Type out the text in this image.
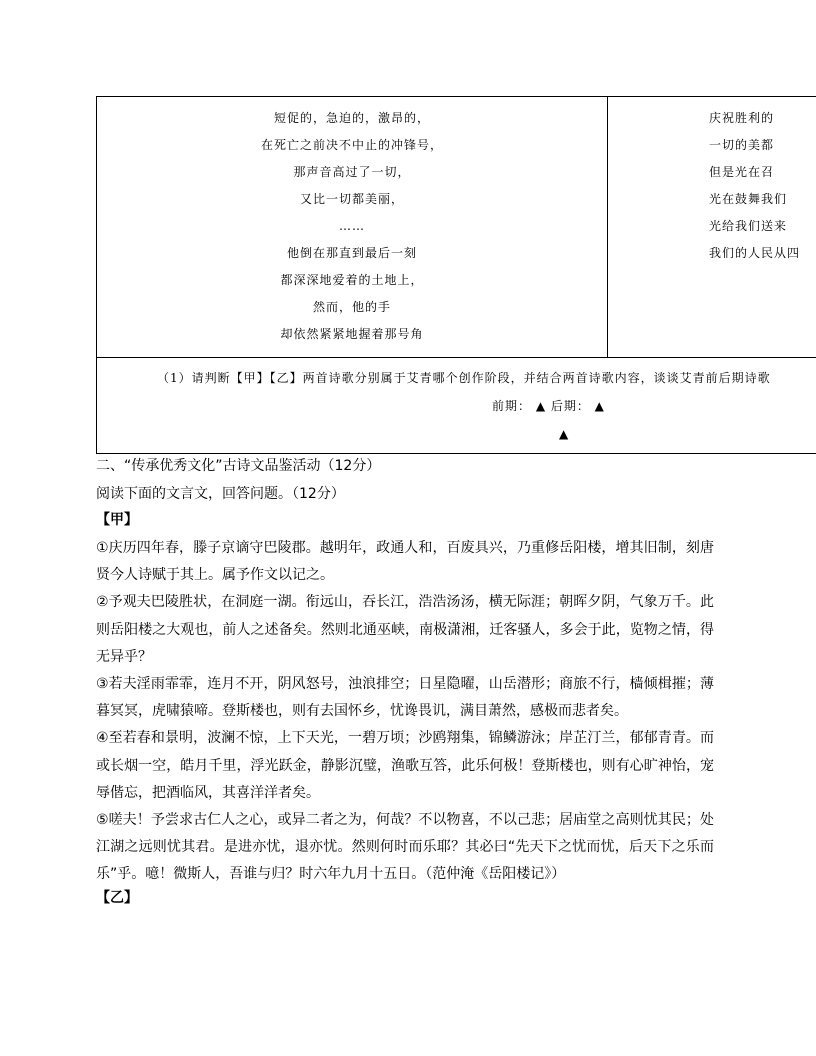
短促的，急迫的，激昂的，
在死亡之前决不中止的冲锋号，
那声音高过了一切，
又比一切都美丽，
……
他倒在那直到最后一刻
都深深地爱着的土地上，
然而，他的手
却依然紧紧地握着那号角
庆祝胜利的
一切的美都
但是光在召
光在鼓舞我们
光给我们送来
我们的人民从四
（1）请判断【甲】【乙】两首诗歌分别属于艾青哪个创作阶段，并结合两首诗歌内容，谈谈艾青前后期诗歌
前期： ▲ 后期： ▲
▲
二、“传承优秀文化”古诗文品鉴活动（12分）
阅读下面的文言文，回答问题。（12分）
【甲】

①庆历四年春，滕子京谪守巴陵郡。越明年，政通人和，百废具兴，乃重修岳阳楼，增其旧制，刻唐贤今人诗赋于其上。属予作文以记之。

②予观夫巴陵胜状，在洞庭一湖。衔远山，吞长江，浩浩汤汤，横无际涯；朝晖夕阴，气象万千。此则岳阳楼之大观也，前人之述备矣。然则北通巫峡，南极潇湘，迁客骚人，多会于此，览物之情，得无异乎？

③若夫淫雨霏霏，连月不开，阴风怒号，浊浪排空；日星隐曜，山岳潜形；商旅不行，樯倾楫摧；薄暮冥冥，虎啸猿啼。登斯楼也，则有去国怀乡，忧谗畏讥，满目萧然，感极而悲者矣。

④至若春和景明，波澜不惊，上下天光，一碧万顷；沙鸥翔集，锦鳞游泳；岸芷汀兰，郁郁青青。而或长烟一空，皓月千里，浮光跃金，静影沉璧，渔歌互答，此乐何极！登斯楼也，则有心旷神怡，宠辱偕忘，把酒临风，其喜洋洋者矣。

⑤嗟夫！予尝求古仁人之心，或异二者之为，何哉？不以物喜，不以己悲；居庙堂之高则忧其民；处江湖之远则忧其君。是进亦忧，退亦忧。然则何时而乐耶？其必曰“先天下之忧而忧，后天下之乐而乐”乎。噫！微斯人，吾谁与归？时六年九月十五日。（范仲淹《岳阳楼记》）

【乙】
